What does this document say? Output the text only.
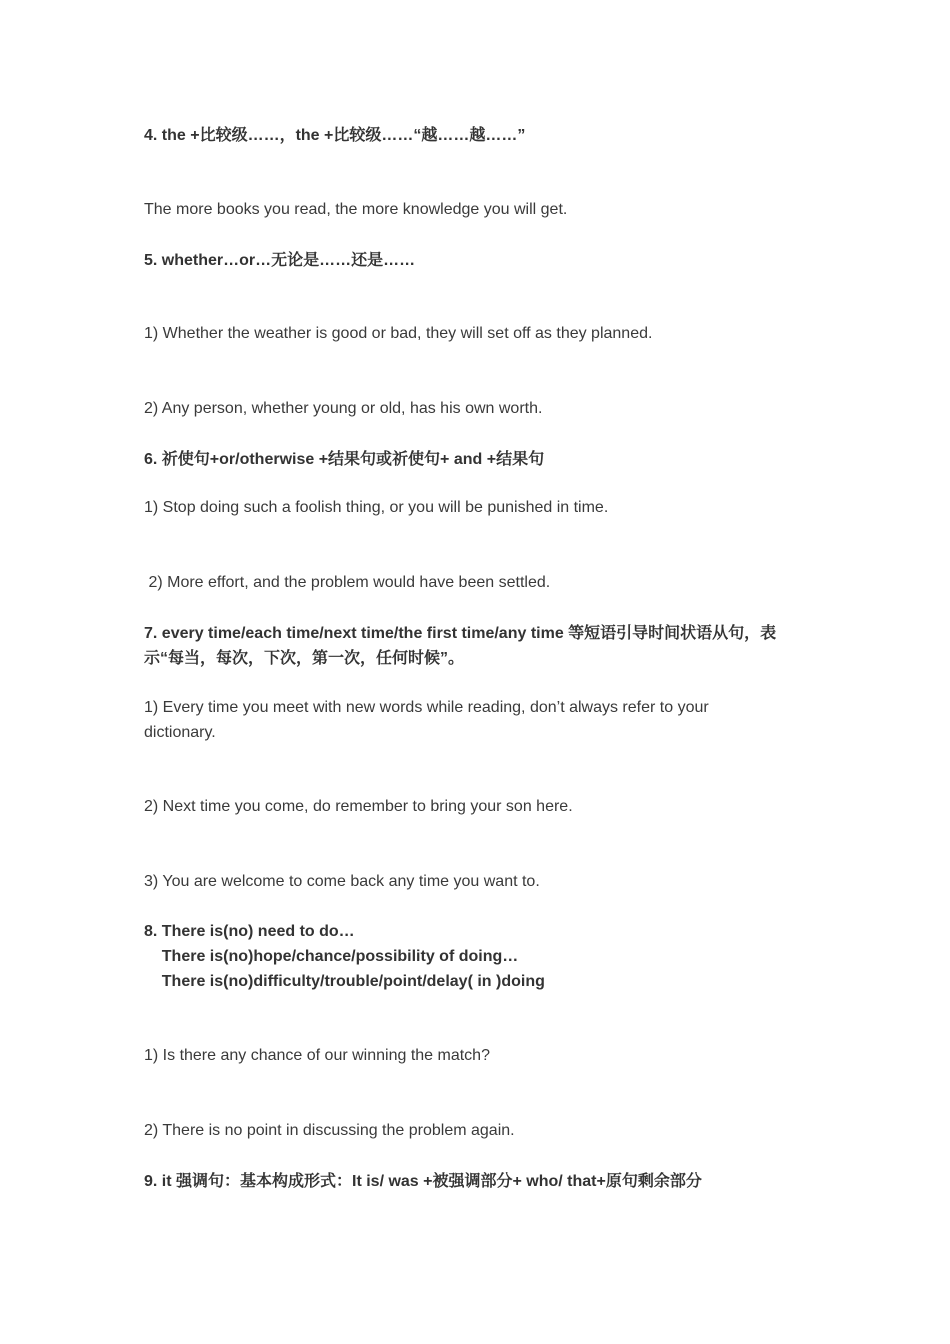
4. the +比较级……，the +比较级……“越……越……”
The more books you read, the more knowledge you will get.
5. whether…or…无论是……还是……
1) Whether the weather is good or bad, they will set off as they planned.
2) Any person, whether young or old, has his own worth.
6. 祈使句+or/otherwise +结果句或祈使句+ and +结果句
1) Stop doing such a foolish thing, or you will be punished in time.
2) More effort, and the problem would have been settled.
7. every time/each time/next time/the first time/any time 等短语引导时间状语从句，表
示“每当，每次，下次，第一次，任何时候”。
1) Every time you meet with new words while reading, don’t always refer to your
dictionary.
2) Next time you come, do remember to bring your son here.
3) You are welcome to come back any time you want to.
8. There is(no) need to do…
There is(no)hope/chance/possibility of doing…
There is(no)difficulty/trouble/point/delay( in )doing
1) Is there any chance of our winning the match?
2) There is no point in discussing the problem again.
9. it 强调句：基本构成形式：It is/ was +被强调部分+ who/ that+原句剩余部分
